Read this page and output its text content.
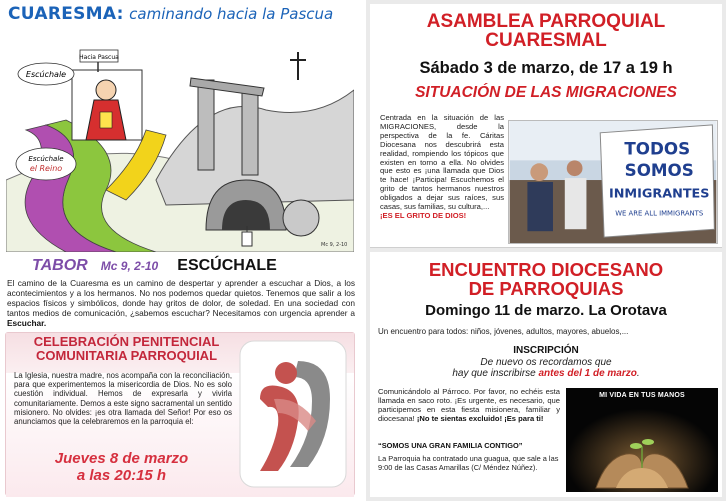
CUARESMA: caminando hacia la Pascua
Hacia Pascua
Escúchale
Escúchale
el Reino
Mc 9, 2-10
TABOR Mc 9, 2-10 ESCÚCHALE

El camino de la Cuaresma es un camino de despertar y aprender a escuchar a Dios, a los acontecimientos y a los hermanos. No nos podemos quedar quietos. Tenemos que salir a los espacios físicos y simbólicos, donde hay gritos de dolor, de soledad. En una sociedad con tantos medios de comunicación, ¿sabemos escuchar? Necesitamos con urgencia aprender a Escuchar.

CELEBRACIÓN PENITENCIAL
COMUNITARIA PARROQUIAL

La Iglesia, nuestra madre, nos acompaña con la reconciliación, para que experimentemos la misericordia de Dios. No es solo cuestión individual. Hemos de expresarla y vivirla comunitariamente. Demos a este signo sacramental un sentido misionero. No olvides: ¡es otra llamada del Señor! Por eso os anunciamos que la celebraremos en la parroquia el:

Jueves 8 de marzo
a las 20:15 h
ASAMBLEA PARROQUIAL
CUARESMAL
Sábado 3 de marzo, de 17 a 19 h
SITUACIÓN DE LAS MIGRACIONES

Centrada en la situación de las MIGRACIONES, desde la perspectiva de la fe. Cáritas Diocesana nos descubrirá esta realidad, rompiendo los tópicos que existen en torno a ella. No olvides que esto es ¡una llamada que Dios te hace! ¡Participa! Escuchemos el grito de tantos hermanos nuestros obligados a dejar sus raíces, sus casas, sus familias, su cultura,...
¡ES EL GRITO DE DIOS!

TODOS
SOMOS
INMIGRANTES
WE ARE ALL IMMIGRANTS
ENCUENTRO DIOCESANO
DE PARROQUIAS
Domingo 11 de marzo. La Orotava
Un encuentro para todos: niños, jóvenes, adultos, mayores, abuelos,...
INSCRIPCIÓN
De nuevo os recordamos que
hay que inscribirse antes del 1 de marzo.

Comunicándolo al Párroco. Por favor, no echéis esta llamada en saco roto. ¡Es urgente, es necesario, que participemos en esta fiesta misionera, familiar y diocesana! ¡No te sientas excluido! ¡Es para ti!

“SOMOS UNA GRAN FAMILIA CONTIGO”

La Parroquia ha contratado una guagua, que sale a las 9:00 de las Casas Amarillas (C/ Méndez Núñez).

MI VIDA EN TUS MANOS
